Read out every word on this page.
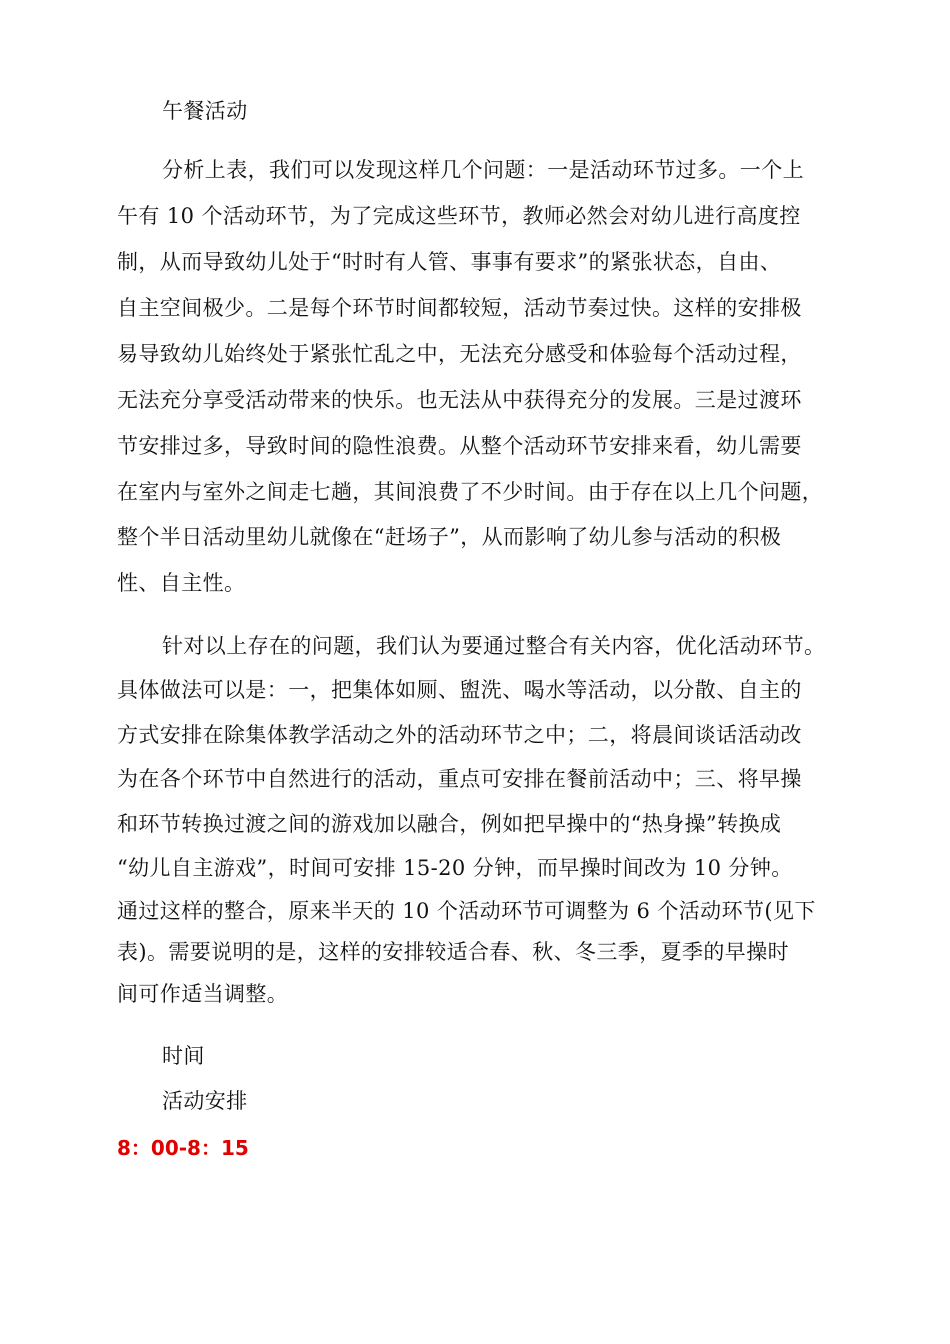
午餐活动
分析上表，我们可以发现这样几个问题：一是活动环节过多。一个上
午有 10 个活动环节，为了完成这些环节，教师必然会对幼儿进行高度控
制，从而导致幼儿处于“时时有人管、事事有要求”的紧张状态，自由、
自主空间极少。二是每个环节时间都较短，活动节奏过快。这样的安排极
易导致幼儿始终处于紧张忙乱之中，无法充分感受和体验每个活动过程，
无法充分享受活动带来的快乐。也无法从中获得充分的发展。三是过渡环
节安排过多，导致时间的隐性浪费。从整个活动环节安排来看，幼儿需要
在室内与室外之间走七趟，其间浪费了不少时间。由于存在以上几个问题，
整个半日活动里幼儿就像在“赶场子”，从而影响了幼儿参与活动的积极
性、自主性。
针对以上存在的问题，我们认为要通过整合有关内容，优化活动环节。
具体做法可以是：一，把集体如厕、盥洗、喝水等活动，以分散、自主的
方式安排在除集体教学活动之外的活动环节之中；二，将晨间谈话活动改
为在各个环节中自然进行的活动，重点可安排在餐前活动中；三、将早操
和环节转换过渡之间的游戏加以融合，例如把早操中的“热身操”转换成
“幼儿自主游戏”，时间可安排 15-20 分钟，而早操时间改为 10 分钟。
通过这样的整合，原来半天的 10 个活动环节可调整为 6 个活动环节(见下
表)。需要说明的是，这样的安排较适合春、秋、冬三季，夏季的早操时
间可作适当调整。
时间
活动安排
8：00-8：15
